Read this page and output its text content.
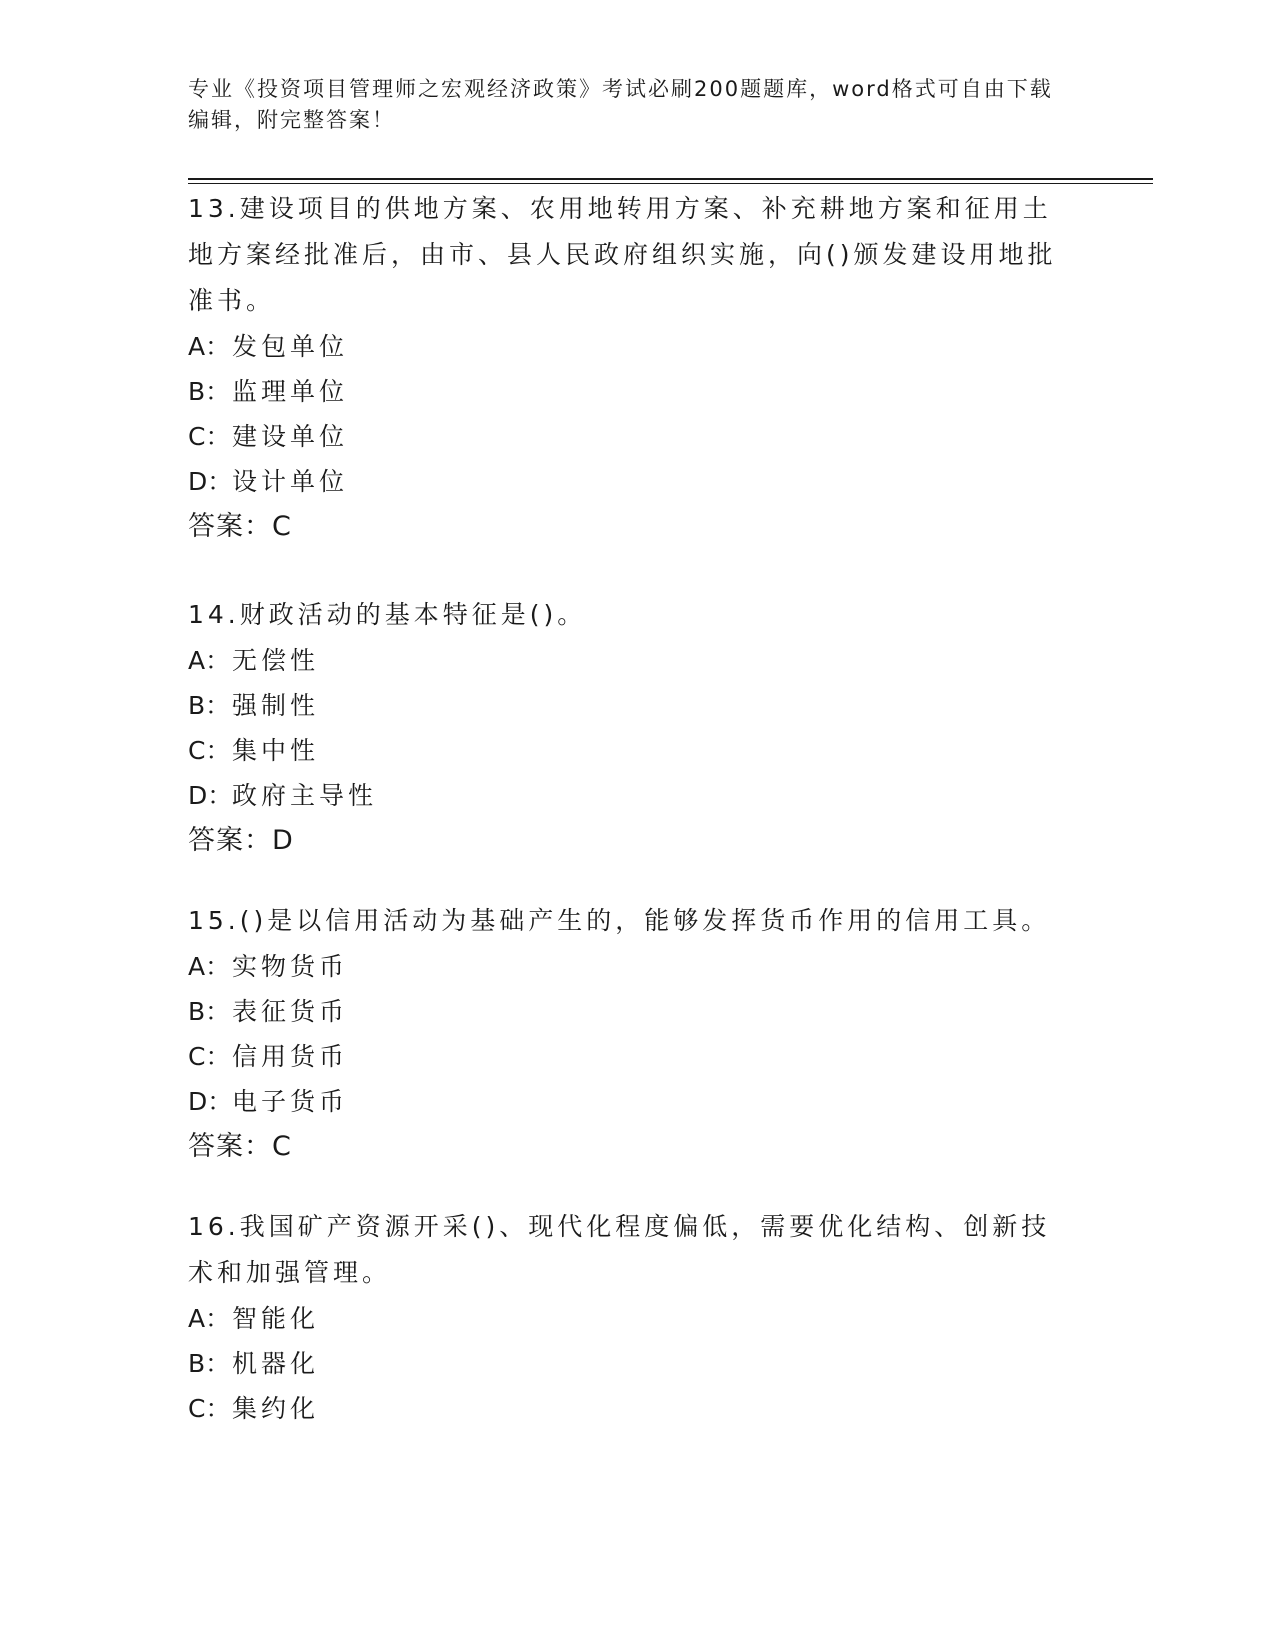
专业《投资项目管理师之宏观经济政策》考试必刷200题题库，word格式可自由下载编辑，附完整答案！

13.建设项目的供地方案、农用地转用方案、补充耕地方案和征用土地方案经批准后，由市、县人民政府组织实施，向()颁发建设用地批准书。

A：发包单位
B：监理单位
C：建设单位
D：设计单位
答案：C

14.财政活动的基本特征是()。

A：无偿性
B：强制性
C：集中性
D：政府主导性
答案：D

15.()是以信用活动为基础产生的，能够发挥货币作用的信用工具。

A：实物货币
B：表征货币
C：信用货币
D：电子货币
答案：C

16.我国矿产资源开采()、现代化程度偏低，需要优化结构、创新技术和加强管理。

A：智能化
B：机器化
C：集约化
